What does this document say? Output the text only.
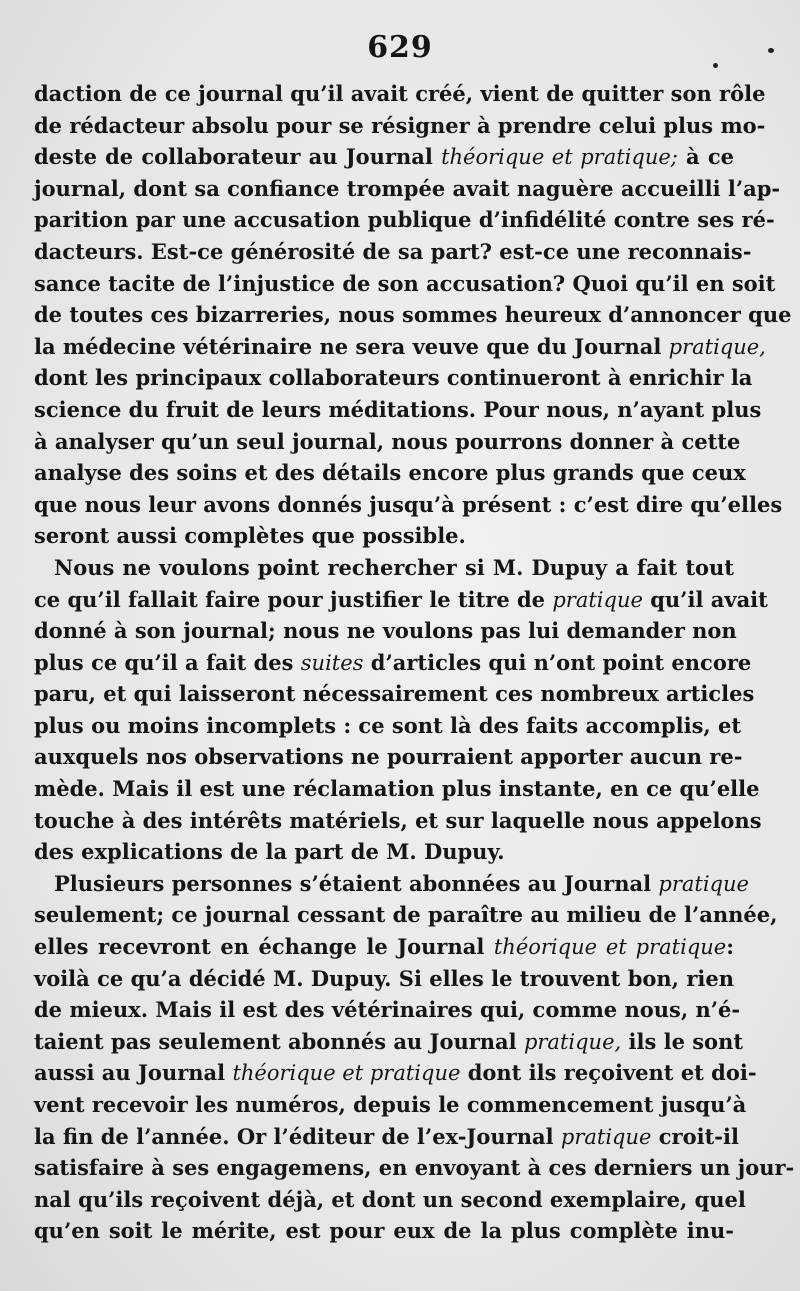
629
daction de ce journal qu’il avait créé, vient de quitter son rôle
de rédacteur absolu pour se résigner à prendre celui plus mo-
deste de collaborateur au Journal théorique et pratique; à ce
journal, dont sa confiance trompée avait naguère accueilli l’ap-
parition par une accusation publique d’infidélité contre ses ré-
dacteurs. Est-ce générosité de sa part? est-ce une reconnais-
sance tacite de l’injustice de son accusation? Quoi qu’il en soit
de toutes ces bizarreries, nous sommes heureux d’annoncer que
la médecine vétérinaire ne sera veuve que du Journal pratique,
dont les principaux collaborateurs continueront à enrichir la
science du fruit de leurs méditations. Pour nous, n’ayant plus
à analyser qu’un seul journal, nous pourrons donner à cette
analyse des soins et des détails encore plus grands que ceux
que nous leur avons donnés jusqu’à présent : c’est dire qu’elles
seront aussi complètes que possible.
Nous ne voulons point rechercher si M. Dupuy a fait tout
ce qu’il fallait faire pour justifier le titre de pratique qu’il avait
donné à son journal; nous ne voulons pas lui demander non
plus ce qu’il a fait des suites d’articles qui n’ont point encore
paru, et qui laisseront nécessairement ces nombreux articles
plus ou moins incomplets : ce sont là des faits accomplis, et
auxquels nos observations ne pourraient apporter aucun re-
mède. Mais il est une réclamation plus instante, en ce qu’elle
touche à des intérêts matériels, et sur laquelle nous appelons
des explications de la part de M. Dupuy.
Plusieurs personnes s’étaient abonnées au Journal pratique
seulement; ce journal cessant de paraître au milieu de l’année,
elles recevront en échange le Journal théorique et pratique:
voilà ce qu’a décidé M. Dupuy. Si elles le trouvent bon, rien
de mieux. Mais il est des vétérinaires qui, comme nous, n’é-
taient pas seulement abonnés au Journal pratique, ils le sont
aussi au Journal théorique et pratique dont ils reçoivent et doi-
vent recevoir les numéros, depuis le commencement jusqu’à
la fin de l’année. Or l’éditeur de l’ex-Journal pratique croit-il
satisfaire à ses engagemens, en envoyant à ces derniers un jour-
nal qu’ils reçoivent déjà, et dont un second exemplaire, quel
qu’en soit le mérite, est pour eux de la plus complète inu-
